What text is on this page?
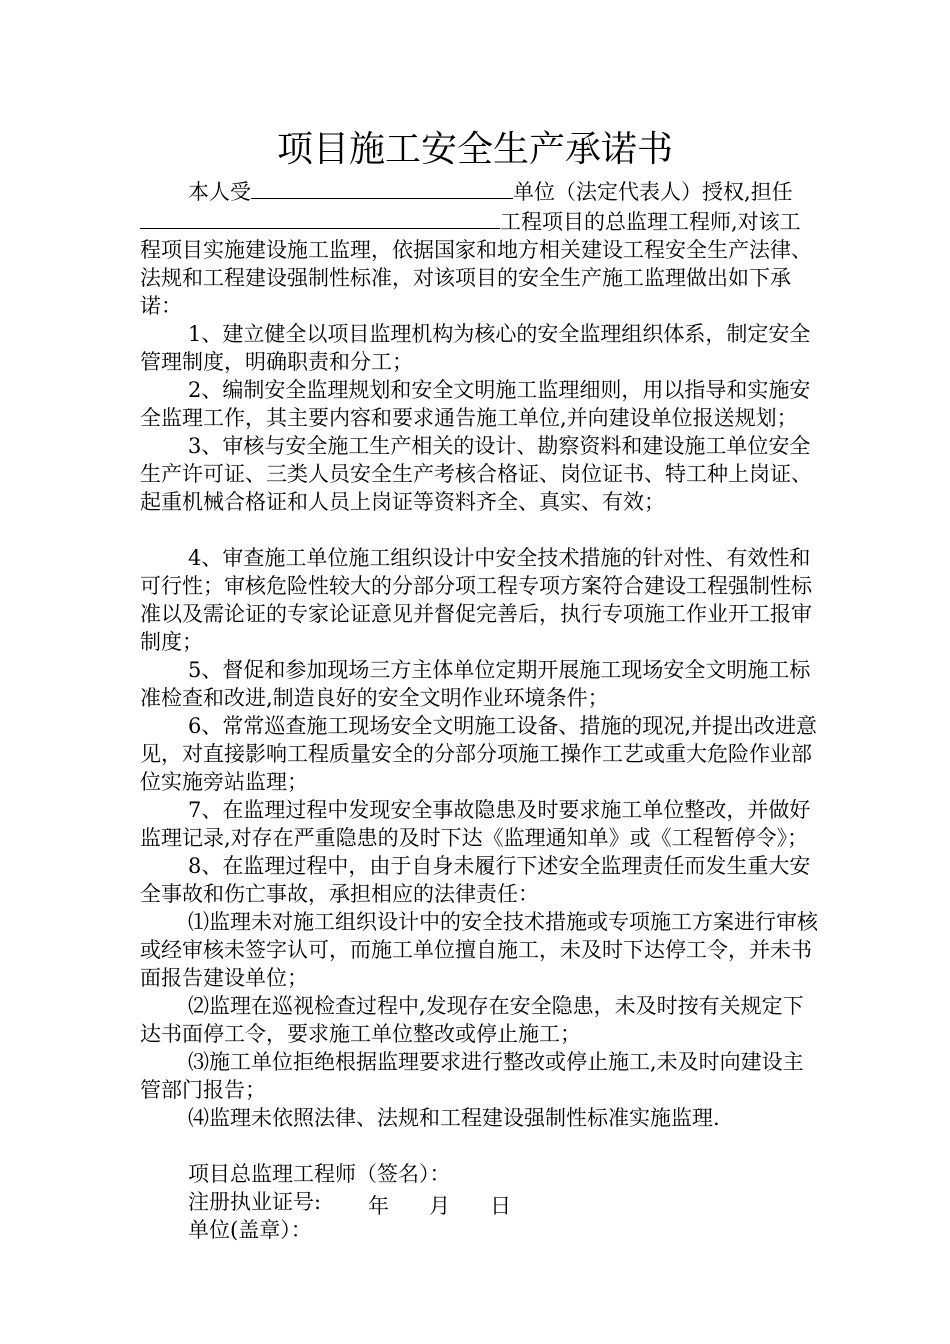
项目施工安全生产承诺书

本人受	单位（法定代表人）授权,担任工程项目的总监理工程师,对该工程项目实施建设施工监理，依据国家和地方相关建设工程安全生产法律、法规和工程建设强制性标准，对该项目的安全生产施工监理做出如下承诺：

1、建立健全以项目监理机构为核心的安全监理组织体系，制定安全管理制度，明确职责和分工；

2、编制安全监理规划和安全文明施工监理细则，用以指导和实施安全监理工作，其主要内容和要求通告施工单位,并向建设单位报送规划；

3、审核与安全施工生产相关的设计、勘察资料和建设施工单位安全生产许可证、三类人员安全生产考核合格证、岗位证书、特工种上岗证、起重机械合格证和人员上岗证等资料齐全、真实、有效；

4、审查施工单位施工组织设计中安全技术措施的针对性、有效性和可行性；审核危险性较大的分部分项工程专项方案符合建设工程强制性标准以及需论证的专家论证意见并督促完善后，执行专项施工作业开工报审制度；

5、督促和参加现场三方主体单位定期开展施工现场安全文明施工标准检查和改进,制造良好的安全文明作业环境条件；

6、常常巡查施工现场安全文明施工设备、措施的现况,并提出改进意见，对直接影响工程质量安全的分部分项施工操作工艺或重大危险作业部位实施旁站监理；

7、在监理过程中发现安全事故隐患及时要求施工单位整改，并做好监理记录,对存在严重隐患的及时下达《监理通知单》或《工程暂停令》；

8、在监理过程中，由于自身未履行下述安全监理责任而发生重大安全事故和伤亡事故，承担相应的法律责任：

⑴监理未对施工组织设计中的安全技术措施或专项施工方案进行审核或经审核未签字认可，而施工单位擅自施工，未及时下达停工令，并未书面报告建设单位；

⑵监理在巡视检查过程中,发现存在安全隐患，未及时按有关规定下达书面停工令，要求施工单位整改或停止施工；

⑶施工单位拒绝根据监理要求进行整改或停止施工,未及时向建设主管部门报告；

⑷监理未依照法律、法规和工程建设强制性标准实施监理.

项目总监理工程师（签名）：

注册执业证号:

单位(盖章）：

年 月 日
